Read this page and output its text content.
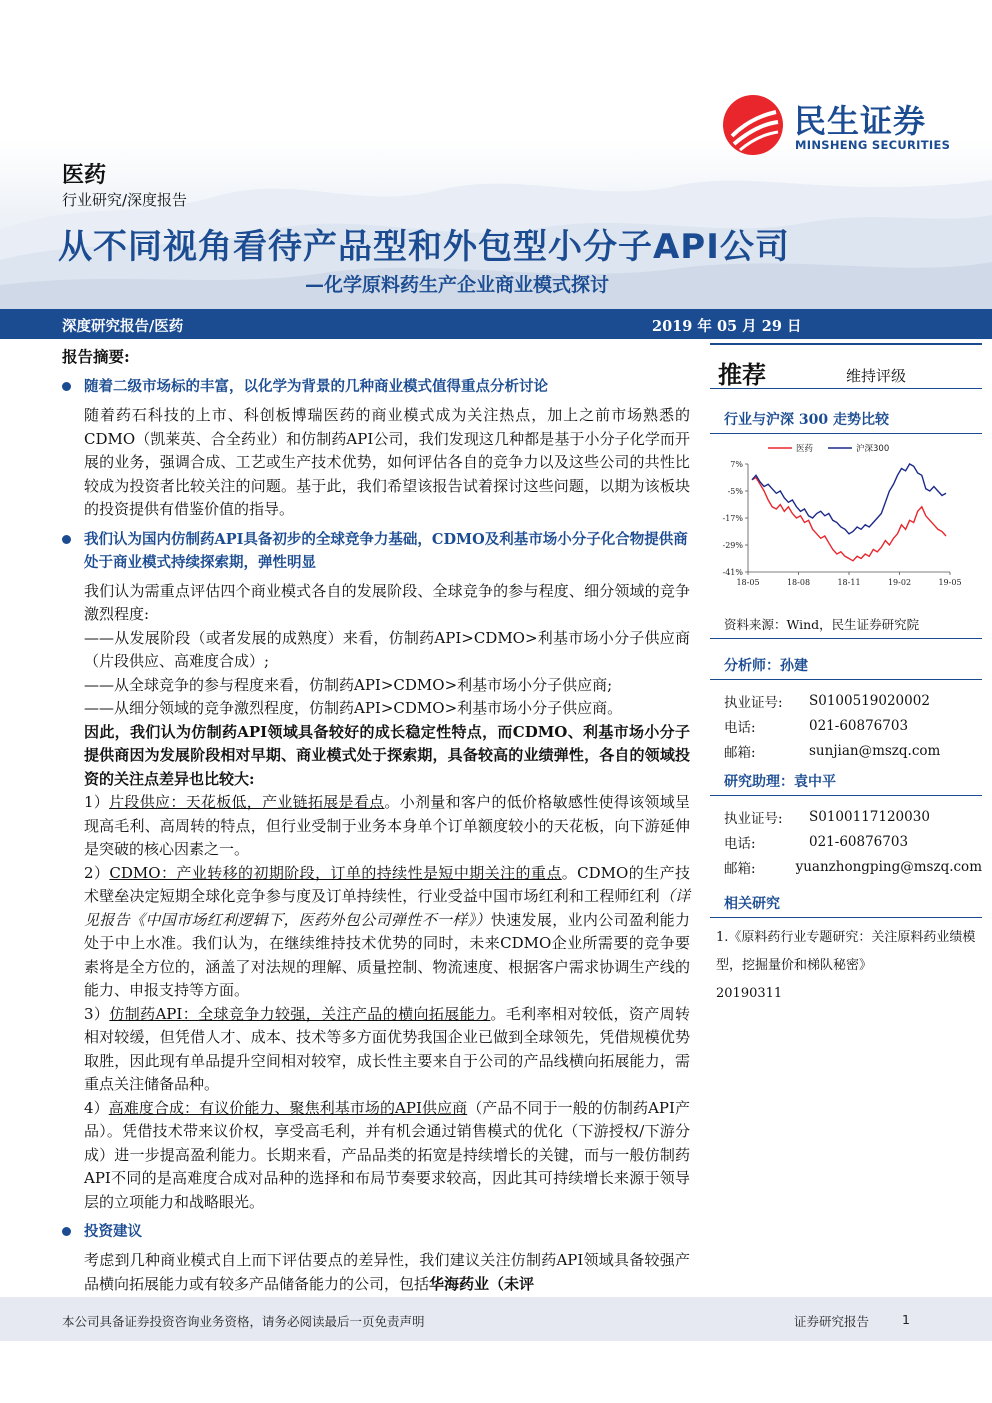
民生证券
MINSHENG SECURITIES
医药
行业研究/深度报告
从不同视角看待产品型和外包型小分子API公司
—化学原料药生产企业商业模式探讨
深度研究报告/医药	2019 年 05 月 29 日
报告摘要:
随着二级市场标的丰富，以化学为背景的几种商业模式值得重点分析讨论
随着药石科技的上市、科创板博瑞医药的商业模式成为关注热点，加上之前市场熟悉的CDMO（凯莱英、合全药业）和仿制药API公司，我们发现这几种都是基于小分子化学而开展的业务，强调合成、工艺或生产技术优势，如何评估各自的竞争力以及这些公司的共性比较成为投资者比较关注的问题。基于此，我们希望该报告试着探讨这些问题，以期为该板块的投资提供有借鉴价值的指导。
我们认为国内仿制药API具备初步的全球竞争力基础，CDMO及利基市场小分子化合物提供商处于商业模式持续探索期，弹性明显
我们认为需重点评估四个商业模式各自的发展阶段、全球竞争的参与程度、细分领域的竞争激烈程度:
——从发展阶段（或者发展的成熟度）来看，仿制药API>CDMO>利基市场小分子供应商（片段供应、高难度合成）;
——从全球竞争的参与程度来看，仿制药API>CDMO>利基市场小分子供应商;
——从细分领域的竞争激烈程度，仿制药API>CDMO>利基市场小分子供应商。
因此，我们认为仿制药API领域具备较好的成长稳定性特点，而CDMO、利基市场小分子提供商因为发展阶段相对早期、商业模式处于探索期，具备较高的业绩弹性，各自的领域投资的关注点差异也比较大:
1）片段供应：天花板低，产业链拓展是看点。小剂量和客户的低价格敏感性使得该领域呈现高毛利、高周转的特点，但行业受制于业务本身单个订单额度较小的天花板，向下游延伸是突破的核心因素之一。
2）CDMO：产业转移的初期阶段，订单的持续性是短中期关注的重点。CDMO的生产技术壁垒决定短期全球化竞争参与度及订单持续性，行业受益中国市场红利和工程师红利（详见报告《中国市场红利逻辑下，医药外包公司弹性不一样》）快速发展，业内公司盈利能力处于中上水准。我们认为，在继续维持技术优势的同时，未来CDMO企业所需要的竞争要素将是全方位的，涵盖了对法规的理解、质量控制、物流速度、根据客户需求协调生产线的能力、申报支持等方面。
3）仿制药API：全球竞争力较强，关注产品的横向拓展能力。毛利率相对较低，资产周转相对较缓，但凭借人才、成本、技术等多方面优势我国企业已做到全球领先，凭借规模优势取胜，因此现有单品提升空间相对较窄，成长性主要来自于公司的产品线横向拓展能力，需重点关注储备品种。
4）高难度合成：有议价能力、聚焦利基市场的API供应商（产品不同于一般的仿制药API产品）。凭借技术带来议价权，享受高毛利，并有机会通过销售模式的优化（下游授权/下游分成）进一步提高盈利能力。长期来看，产品品类的拓宽是持续增长的关键，而与一般仿制药API不同的是高难度合成对品种的选择和布局节奏要求较高，因此其可持续增长来源于领导层的立项能力和战略眼光。
投资建议
考虑到几种商业模式自上而下评估要点的差异性，我们建议关注仿制药API领域具备较强产品横向拓展能力或有较多产品储备能力的公司，包括华海药业（未评
推荐	维持评级
行业与沪深 300 走势比较
7%
-5%
-17%
-29%
-41%
18-05	18-08	18-11	19-02	19-05
医药	沪深300
资料来源：Wind，民生证券研究院
分析师：孙建
执业证号:	S0100519020002
电话:	021-60876703
邮箱:	sunjian@mszq.com
研究助理：袁中平
执业证号:	S0100117120030
电话:	021-60876703
邮箱:	yuanzhongping@mszq.com
相关研究
1.《原料药行业专题研究：关注原料药业绩模型，挖掘量价和梯队秘密》
20190311
本公司具备证券投资咨询业务资格，请务必阅读最后一页免责声明	证券研究报告	1
